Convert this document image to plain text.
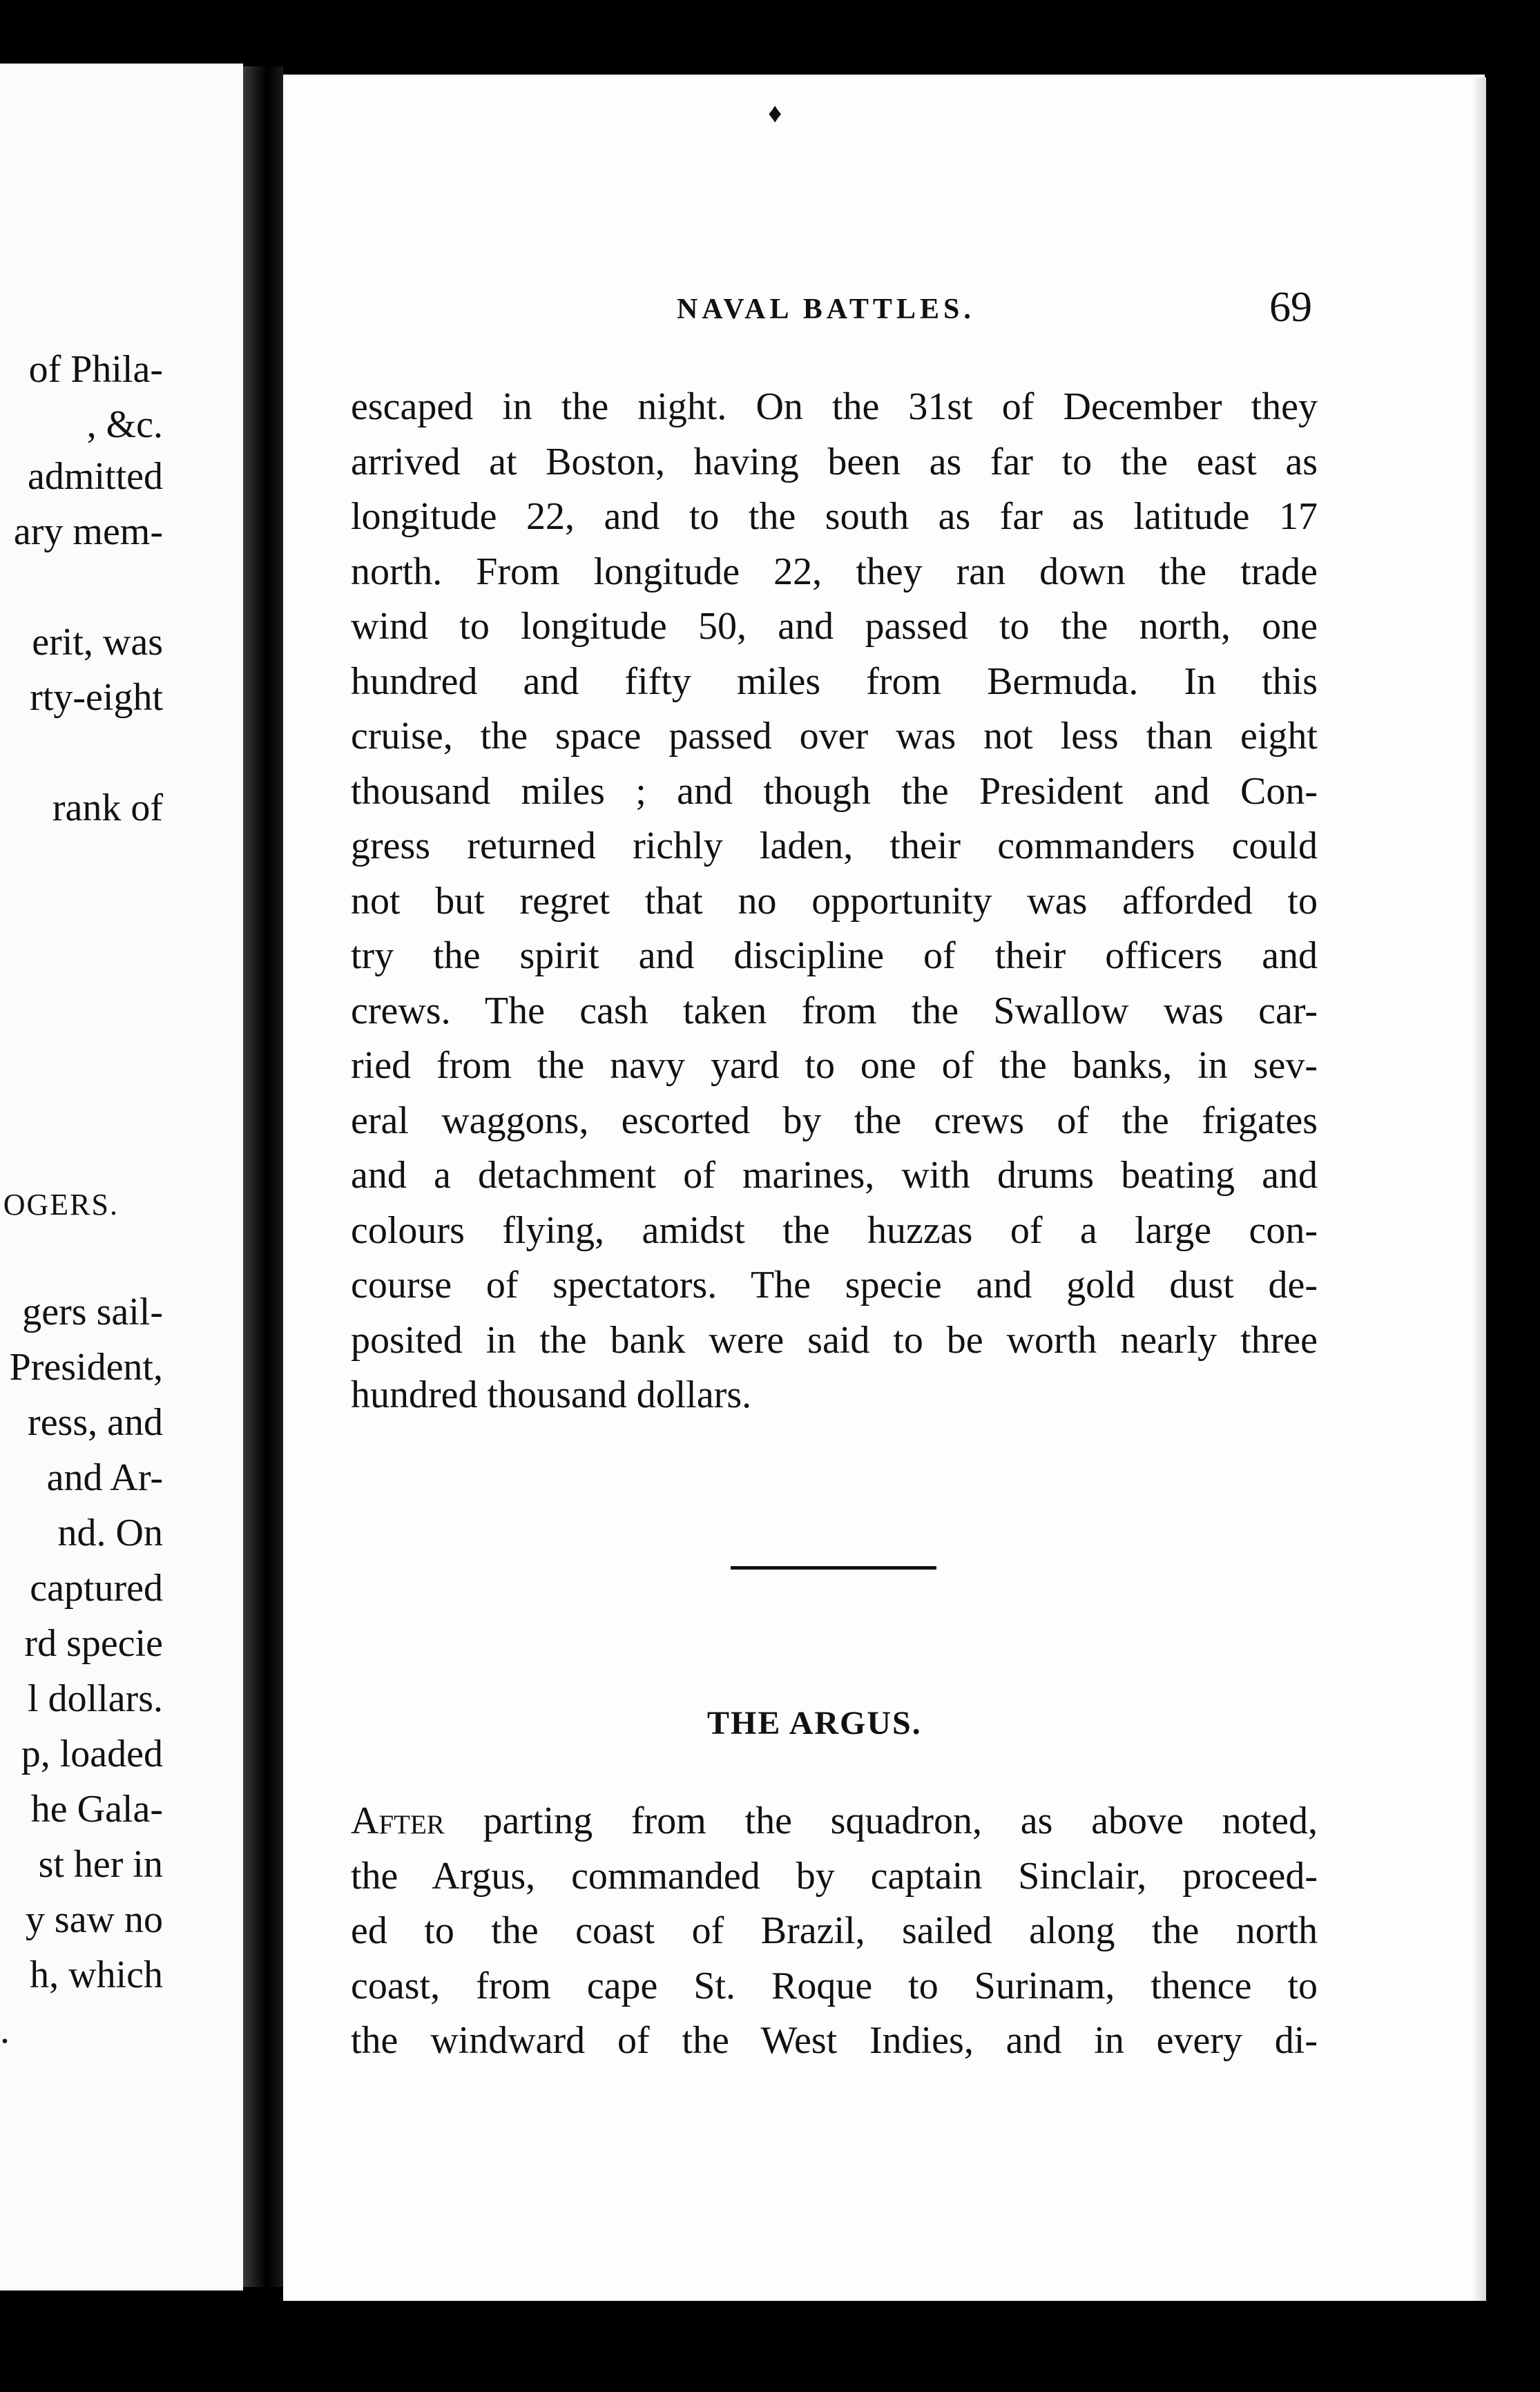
of Phila-
, &c.
admitted
ary mem-
erit, was
rty-eight
rank of
OGERS.
gers sail-
President,
ress, and
and Ar-
nd. On
captured
rd specie
l dollars.
p, loaded
he Gala-
st her in
y saw no
h, which
.
♦
NAVAL BATTLES.	69
escaped in the night. On the 31st of December they
arrived at Boston, having been as far to the east as
longitude 22, and to the south as far as latitude 17
north. From longitude 22, they ran down the trade
wind to longitude 50, and passed to the north, one
hundred and fifty miles from Bermuda. In this
cruise, the space passed over was not less than eight
thousand miles ; and though the President and Con-
gress returned richly laden, their commanders could
not but regret that no opportunity was afforded to
try the spirit and discipline of their officers and
crews. The cash taken from the Swallow was car-
ried from the navy yard to one of the banks, in sev-
eral waggons, escorted by the crews of the frigates
and a detachment of marines, with drums beating and
colours flying, amidst the huzzas of a large con-
course of spectators. The specie and gold dust de-
posited in the bank were said to be worth nearly three
hundred thousand dollars.
THE ARGUS.
After parting from the squadron, as above noted,
the Argus, commanded by captain Sinclair, proceed-
ed to the coast of Brazil, sailed along the north
coast, from cape St. Roque to Surinam, thence to
the windward of the West Indies, and in every di-
